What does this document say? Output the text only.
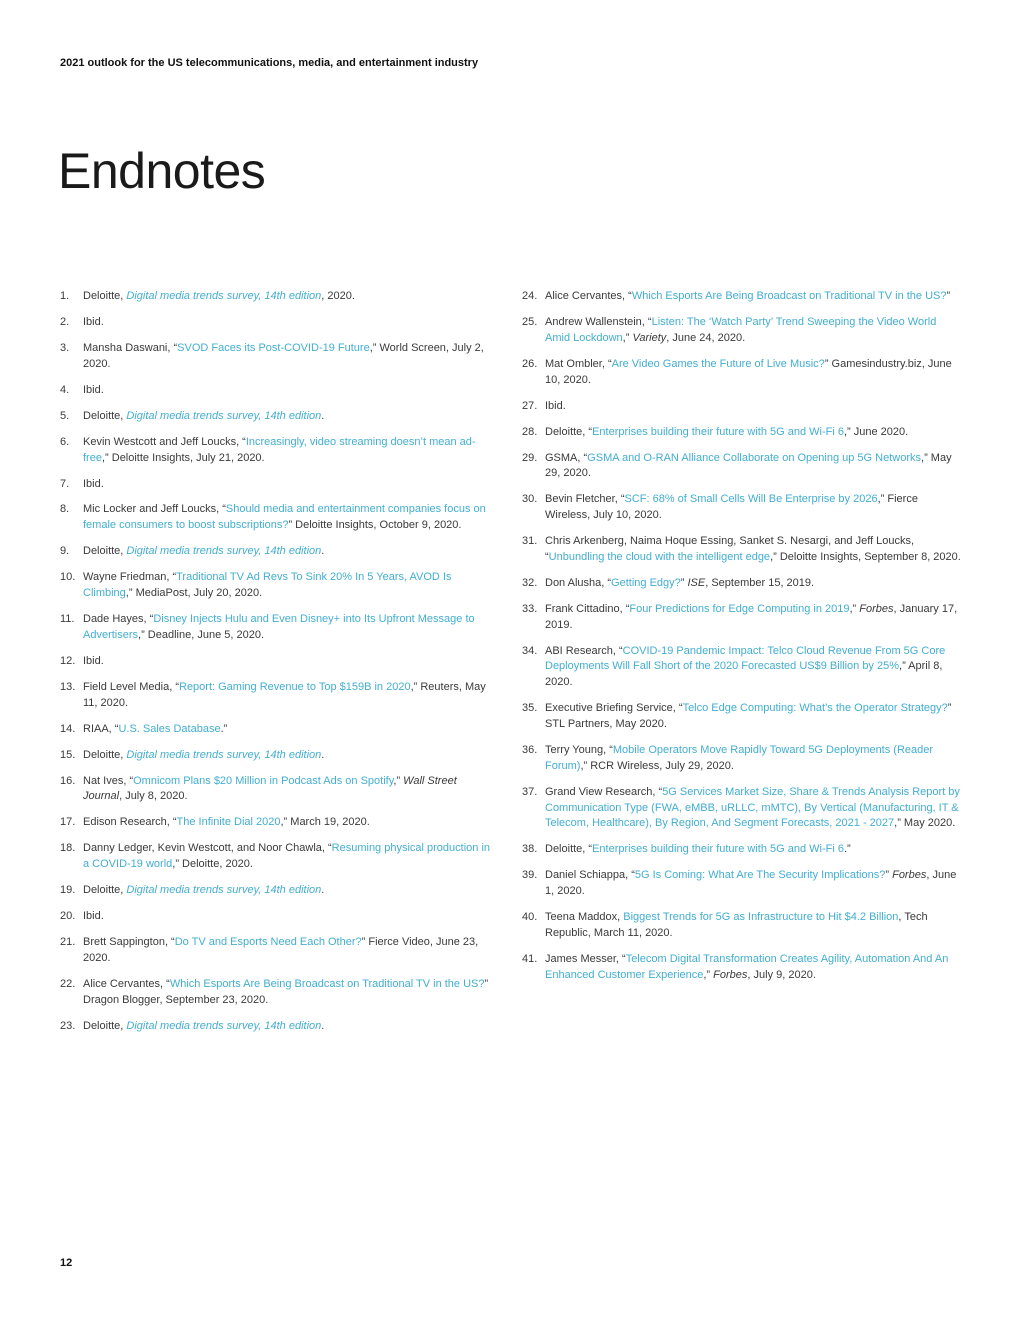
2021 outlook for the US telecommunications, media, and entertainment industry
Endnotes
1. Deloitte, Digital media trends survey, 14th edition, 2020.
2. Ibid.
3. Mansha Daswani, “SVOD Faces its Post-COVID-19 Future,” World Screen, July 2, 2020.
4. Ibid.
5. Deloitte, Digital media trends survey, 14th edition.
6. Kevin Westcott and Jeff Loucks, “Increasingly, video streaming doesn’t mean ad-free,” Deloitte Insights, July 21, 2020.
7. Ibid.
8. Mic Locker and Jeff Loucks, “Should media and entertainment companies focus on female consumers to boost subscriptions?” Deloitte Insights, October 9, 2020.
9. Deloitte, Digital media trends survey, 14th edition.
10. Wayne Friedman, “Traditional TV Ad Revs To Sink 20% In 5 Years, AVOD Is Climbing,” MediaPost, July 20, 2020.
11. Dade Hayes, “Disney Injects Hulu and Even Disney+ into Its Upfront Message to Advertisers,” Deadline, June 5, 2020.
12. Ibid.
13. Field Level Media, “Report: Gaming Revenue to Top $159B in 2020,” Reuters, May 11, 2020.
14. RIAA, “U.S. Sales Database.”
15. Deloitte, Digital media trends survey, 14th edition.
16. Nat Ives, “Omnicom Plans $20 Million in Podcast Ads on Spotify,” Wall Street Journal, July 8, 2020.
17. Edison Research, “The Infinite Dial 2020,” March 19, 2020.
18. Danny Ledger, Kevin Westcott, and Noor Chawla, “Resuming physical production in a COVID-19 world,” Deloitte, 2020.
19. Deloitte, Digital media trends survey, 14th edition.
20. Ibid.
21. Brett Sappington, “Do TV and Esports Need Each Other?” Fierce Video, June 23, 2020.
22. Alice Cervantes, “Which Esports Are Being Broadcast on Traditional TV in the US?” Dragon Blogger, September 23, 2020.
23. Deloitte, Digital media trends survey, 14th edition.
24. Alice Cervantes, “Which Esports Are Being Broadcast on Traditional TV in the US?”
25. Andrew Wallenstein, “Listen: The ‘Watch Party’ Trend Sweeping the Video World Amid Lockdown,” Variety, June 24, 2020.
26. Mat Ombler, “Are Video Games the Future of Live Music?” Gamesindustry.biz, June 10, 2020.
27. Ibid.
28. Deloitte, “Enterprises building their future with 5G and Wi-Fi 6,” June 2020.
29. GSMA, “GSMA and O-RAN Alliance Collaborate on Opening up 5G Networks,” May 29, 2020.
30. Bevin Fletcher, “SCF: 68% of Small Cells Will Be Enterprise by 2026,” Fierce Wireless, July 10, 2020.
31. Chris Arkenberg, Naima Hoque Essing, Sanket S. Nesargi, and Jeff Loucks, “Unbundling the cloud with the intelligent edge,” Deloitte Insights, September 8, 2020.
32. Don Alusha, “Getting Edgy?” ISE, September 15, 2019.
33. Frank Cittadino, “Four Predictions for Edge Computing in 2019,” Forbes, January 17, 2019.
34. ABI Research, “COVID-19 Pandemic Impact: Telco Cloud Revenue From 5G Core Deployments Will Fall Short of the 2020 Forecasted US$9 Billion by 25%,” April 8, 2020.
35. Executive Briefing Service, “Telco Edge Computing: What’s the Operator Strategy?” STL Partners, May 2020.
36. Terry Young, “Mobile Operators Move Rapidly Toward 5G Deployments (Reader Forum),” RCR Wireless, July 29, 2020.
37. Grand View Research, “5G Services Market Size, Share & Trends Analysis Report by Communication Type (FWA, eMBB, uRLLC, mMTC), By Vertical (Manufacturing, IT & Telecom, Healthcare), By Region, And Segment Forecasts, 2021 - 2027,” May 2020.
38. Deloitte, “Enterprises building their future with 5G and Wi-Fi 6.”
39. Daniel Schiappa, “5G Is Coming: What Are The Security Implications?” Forbes, June 1, 2020.
40. Teena Maddox, Biggest Trends for 5G as Infrastructure to Hit $4.2 Billion, Tech Republic, March 11, 2020.
41. James Messer, “Telecom Digital Transformation Creates Agility, Automation And An Enhanced Customer Experience,” Forbes, July 9, 2020.
12
